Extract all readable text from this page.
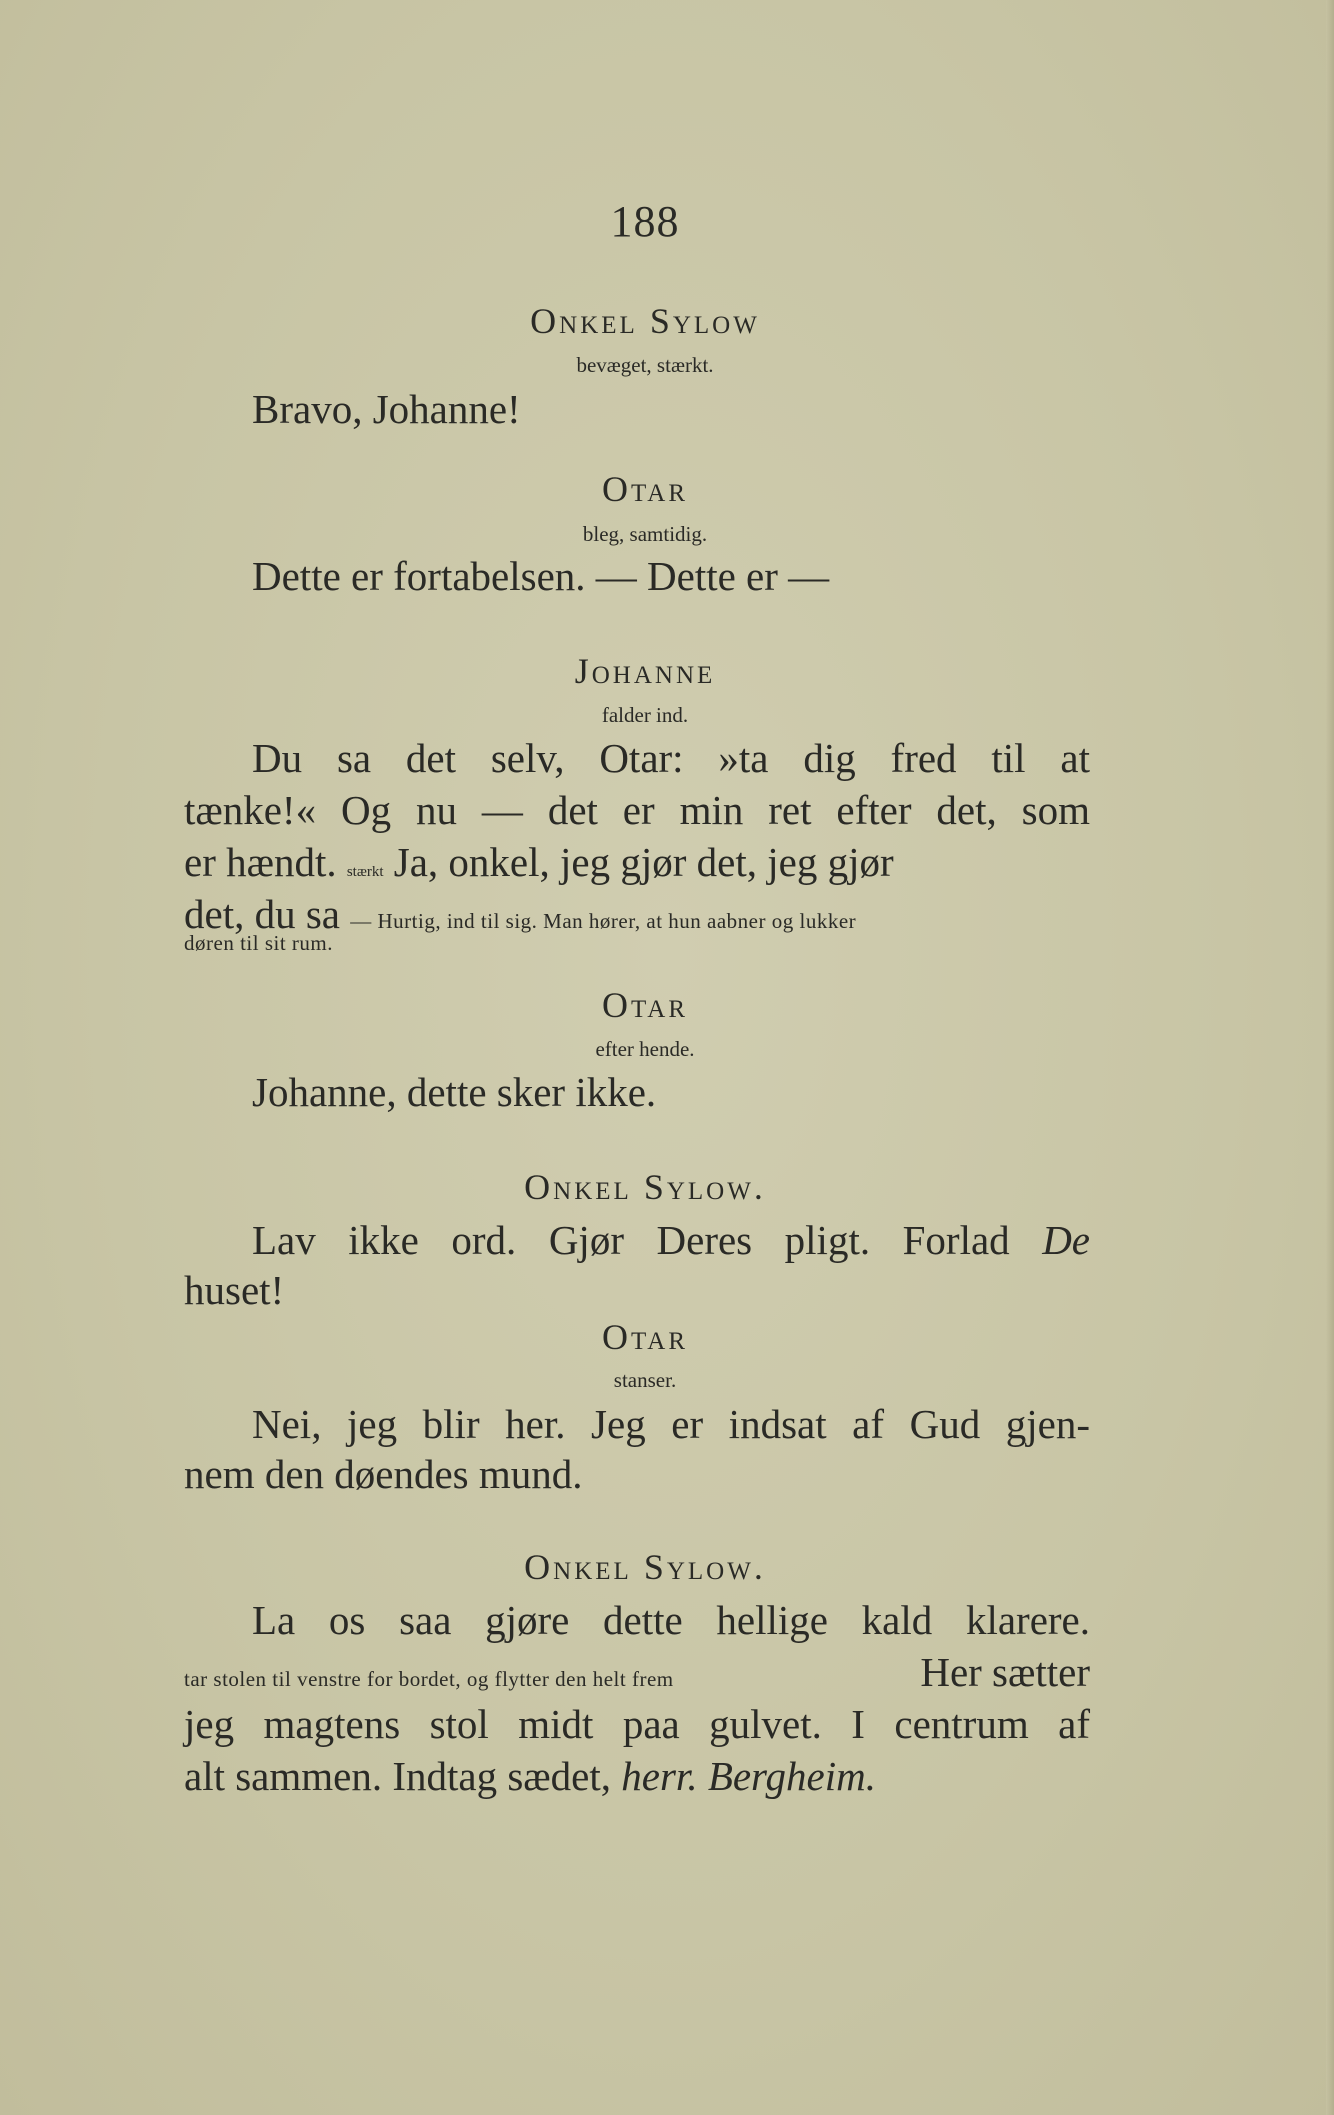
188
Onkel Sylow
bevæget, stærkt.
Bravo, Johanne!
Otar
bleg, samtidig.
Dette er fortabelsen. — Dette er —
Johanne
falder ind.
Du sa det selv, Otar: »ta dig fred til at
tænke!« Og nu — det er min ret efter det, som
er hændt. stærkt Ja, onkel, jeg gjør det, jeg gjør
det, du sa — Hurtig, ind til sig. Man hører, at hun aabner og lukker
døren til sit rum.
Otar
efter hende.
Johanne, dette sker ikke.
Onkel Sylow.
Lav ikke ord. Gjør Deres pligt. Forlad De
huset!
Otar
stanser.
Nei, jeg blir her. Jeg er indsat af Gud gjen-
nem den døendes mund.
Onkel Sylow.
La os saa gjøre dette hellige kald klarere.
tar stolen til venstre for bordet, og flytter den helt frem	Her sætter
jeg magtens stol midt paa gulvet. I centrum af
alt sammen. Indtag sædet, herr. Bergheim.
